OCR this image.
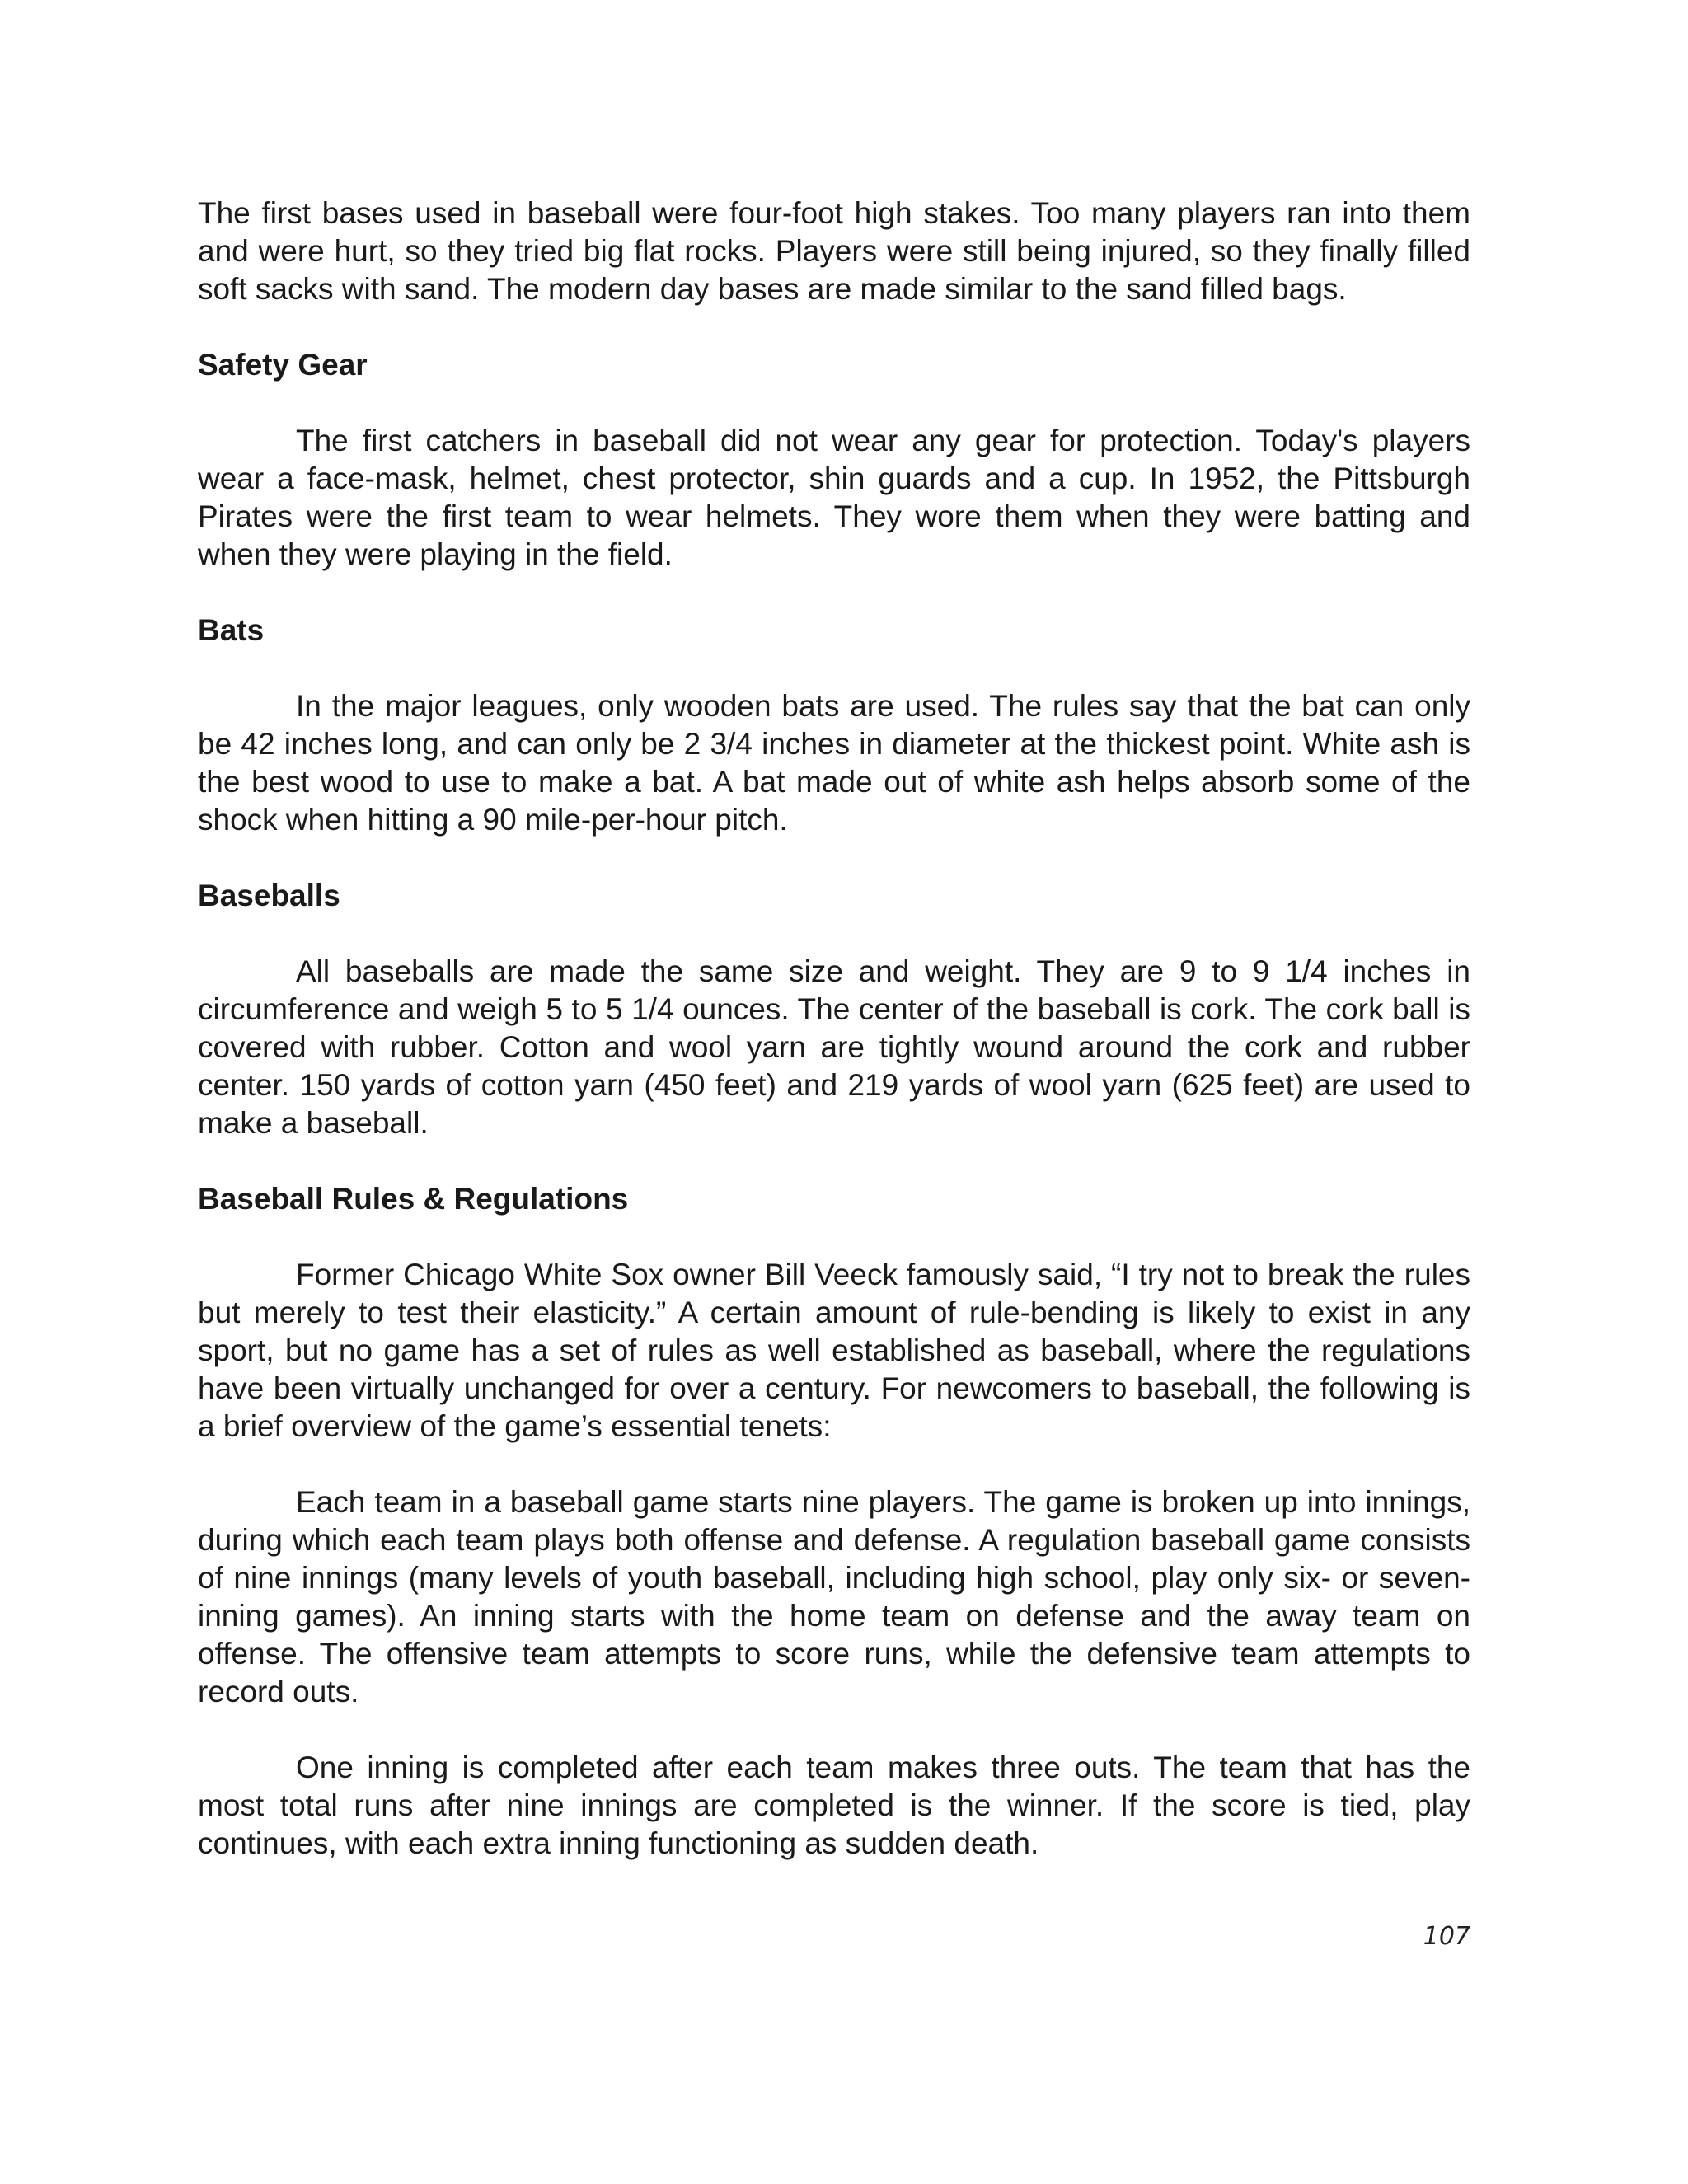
The first bases used in baseball were four-foot high stakes. Too many players ran into them and were hurt, so they tried big flat rocks. Players were still being injured, so they finally filled soft sacks with sand. The modern day bases are made similar to the sand filled bags.

Safety Gear

The first catchers in baseball did not wear any gear for protection. Today's players wear a face-mask, helmet, chest protector, shin guards and a cup. In 1952, the Pittsburgh Pirates were the first team to wear helmets. They wore them when they were batting and when they were playing in the field.

Bats

In the major leagues, only wooden bats are used. The rules say that the bat can only be 42 inches long, and can only be 2 3/4 inches in diameter at the thickest point. White ash is the best wood to use to make a bat. A bat made out of white ash helps absorb some of the shock when hitting a 90 mile-per-hour pitch.

Baseballs

All baseballs are made the same size and weight. They are 9 to 9 1/4 inches in circumference and weigh 5 to 5 1/4 ounces. The center of the baseball is cork. The cork ball is covered with rubber. Cotton and wool yarn are tightly wound around the cork and rubber center. 150 yards of cotton yarn (450 feet) and 219 yards of wool yarn (625 feet) are used to make a baseball.

Baseball Rules & Regulations

Former Chicago White Sox owner Bill Veeck famously said, “I try not to break the rules but merely to test their elasticity.” A certain amount of rule-bending is likely to exist in any sport, but no game has a set of rules as well established as baseball, where the regulations have been virtually unchanged for over a century. For newcomers to baseball, the following is a brief overview of the game’s essential tenets:

Each team in a baseball game starts nine players. The game is broken up into innings, during which each team plays both offense and defense. A regulation baseball game consists of nine innings (many levels of youth baseball, including high school, play only six- or seven-inning games). An inning starts with the home team on defense and the away team on offense. The offensive team attempts to score runs, while the defensive team attempts to record outs.

One inning is completed after each team makes three outs. The team that has the most total runs after nine innings are completed is the winner. If the score is tied, play continues, with each extra inning functioning as sudden death.

107
